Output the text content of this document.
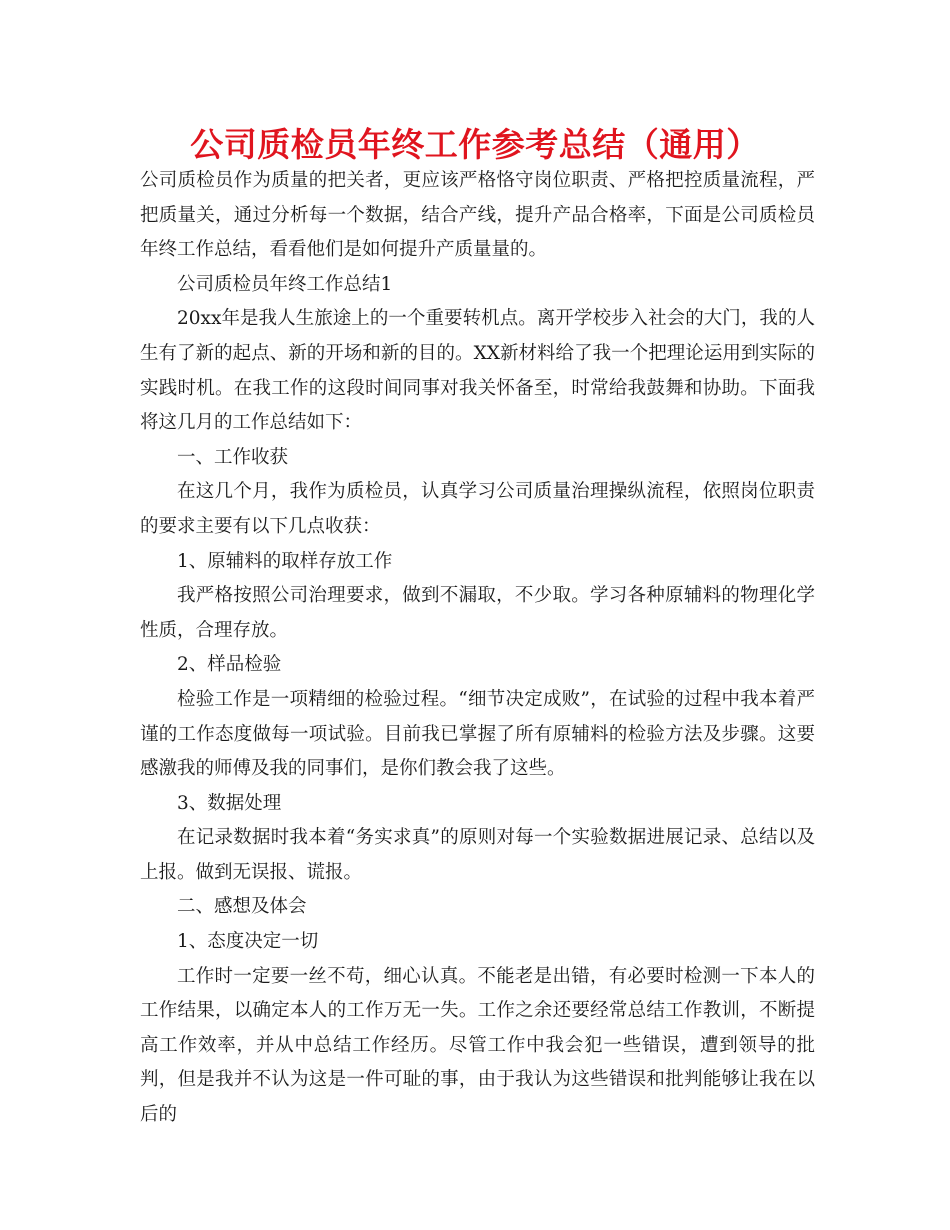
公司质检员年终工作参考总结（通用）

公司质检员作为质量的把关者，更应该严格恪守岗位职责、严格把控质量流程，严把质量关，通过分析每一个数据，结合产线，提升产品合格率，下面是公司质检员年终工作总结，看看他们是如何提升产质量量的。

公司质检员年终工作总结1

20xx年是我人生旅途上的一个重要转机点。离开学校步入社会的大门，我的人生有了新的起点、新的开场和新的目的。XX新材料给了我一个把理论运用到实际的实践时机。在我工作的这段时间同事对我关怀备至，时常给我鼓舞和协助。下面我将这几月的工作总结如下：

一、工作收获

在这几个月，我作为质检员，认真学习公司质量治理操纵流程，依照岗位职责的要求主要有以下几点收获：

1、原辅料的取样存放工作

我严格按照公司治理要求，做到不漏取，不少取。学习各种原辅料的物理化学性质，合理存放。

2、样品检验

检验工作是一项精细的检验过程。“细节决定成败”，在试验的过程中我本着严谨的工作态度做每一项试验。目前我已掌握了所有原辅料的检验方法及步骤。这要感激我的师傅及我的同事们，是你们教会我了这些。

3、数据处理

在记录数据时我本着“务实求真”的原则对每一个实验数据进展记录、总结以及上报。做到无误报、谎报。

二、感想及体会

1、态度决定一切

工作时一定要一丝不苟，细心认真。不能老是出错，有必要时检测一下本人的工作结果，以确定本人的工作万无一失。工作之余还要经常总结工作教训，不断提高工作效率，并从中总结工作经历。尽管工作中我会犯一些错误，遭到领导的批判，但是我并不认为这是一件可耻的事，由于我认为这些错误和批判能够让我在以后的
